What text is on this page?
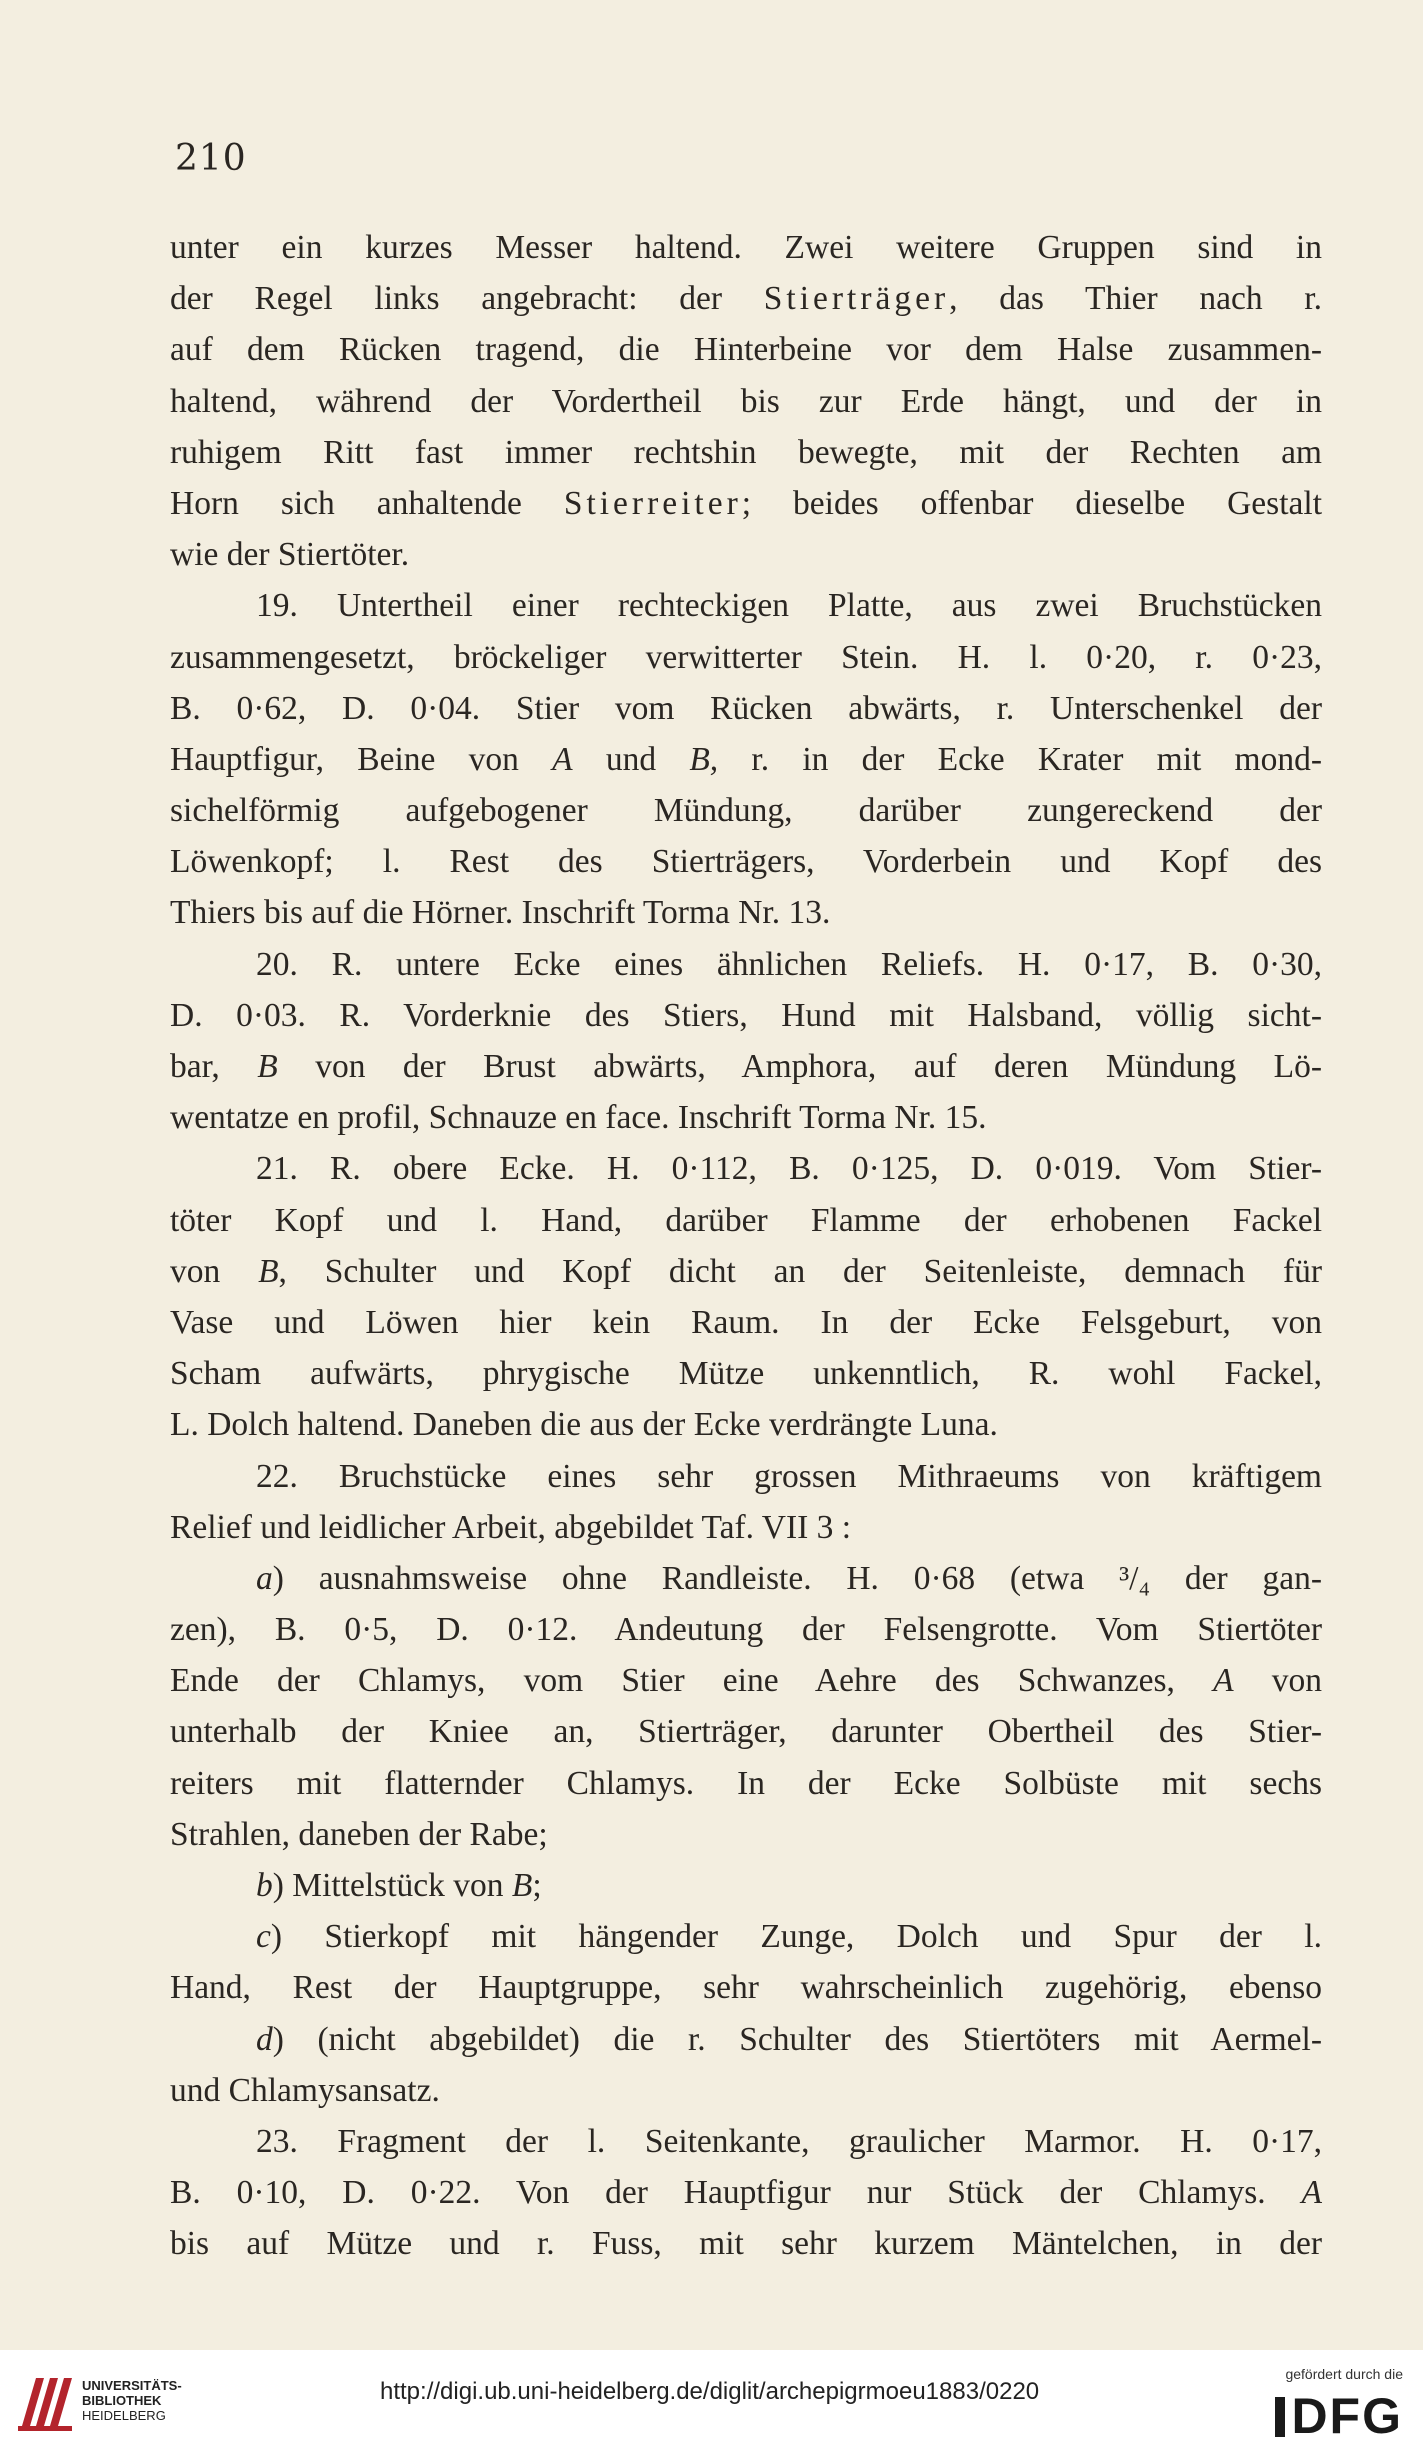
210
unter ein kurzes Messer haltend. Zwei weitere Gruppen sind in
der Regel links angebracht: der Stierträger, das Thier nach r.
auf dem Rücken tragend, die Hinterbeine vor dem Halse zusammen-
haltend, während der Vordertheil bis zur Erde hängt, und der in
ruhigem Ritt fast immer rechtshin bewegte, mit der Rechten am
Horn sich anhaltende Stierreiter; beides offenbar dieselbe Gestalt
wie der Stiertöter.
19. Untertheil einer rechteckigen Platte, aus zwei Bruchstücken
zusammengesetzt, bröckeliger verwitterter Stein. H. l. 0·20, r. 0·23,
B. 0·62, D. 0·04. Stier vom Rücken abwärts, r. Unterschenkel der
Hauptfigur, Beine von A und B, r. in der Ecke Krater mit mond-
sichelförmig aufgebogener Mündung, darüber zungereckend der
Löwenkopf; l. Rest des Stierträgers, Vorderbein und Kopf des
Thiers bis auf die Hörner. Inschrift Torma Nr. 13.
20. R. untere Ecke eines ähnlichen Reliefs. H. 0·17, B. 0·30,
D. 0·03. R. Vorderknie des Stiers, Hund mit Halsband, völlig sicht-
bar, B von der Brust abwärts, Amphora, auf deren Mündung Lö-
wentatze en profil, Schnauze en face. Inschrift Torma Nr. 15.
21. R. obere Ecke. H. 0·112, B. 0·125, D. 0·019. Vom Stier-
töter Kopf und l. Hand, darüber Flamme der erhobenen Fackel
von B, Schulter und Kopf dicht an der Seitenleiste, demnach für
Vase und Löwen hier kein Raum. In der Ecke Felsgeburt, von
Scham aufwärts, phrygische Mütze unkenntlich, R. wohl Fackel,
L. Dolch haltend. Daneben die aus der Ecke verdrängte Luna.
22. Bruchstücke eines sehr grossen Mithraeums von kräftigem
Relief und leidlicher Arbeit, abgebildet Taf. VII 3 :
a) ausnahmsweise ohne Randleiste. H. 0·68 (etwa ³/₄ der gan-
zen), B. 0·5, D. 0·12. Andeutung der Felsengrotte. Vom Stiertöter
Ende der Chlamys, vom Stier eine Aehre des Schwanzes, A von
unterhalb der Kniee an, Stierträger, darunter Obertheil des Stier-
reiters mit flatternder Chlamys. In der Ecke Solbüste mit sechs
Strahlen, daneben der Rabe;
b) Mittelstück von B;
c) Stierkopf mit hängender Zunge, Dolch und Spur der l.
Hand, Rest der Hauptgruppe, sehr wahrscheinlich zugehörig, ebenso
d) (nicht abgebildet) die r. Schulter des Stiertöters mit Aermel-
und Chlamysansatz.
23. Fragment der l. Seitenkante, graulicher Marmor. H. 0·17,
B. 0·10, D. 0·22. Von der Hauptfigur nur Stück der Chlamys. A
bis auf Mütze und r. Fuss, mit sehr kurzem Mäntelchen, in der
UNIVERSITÄTS-
BIBLIOTHEK
HEIDELBERG
http://digi.ub.uni-heidelberg.de/diglit/archepigrmoeu1883/0220
gefördert durch die
DFG
